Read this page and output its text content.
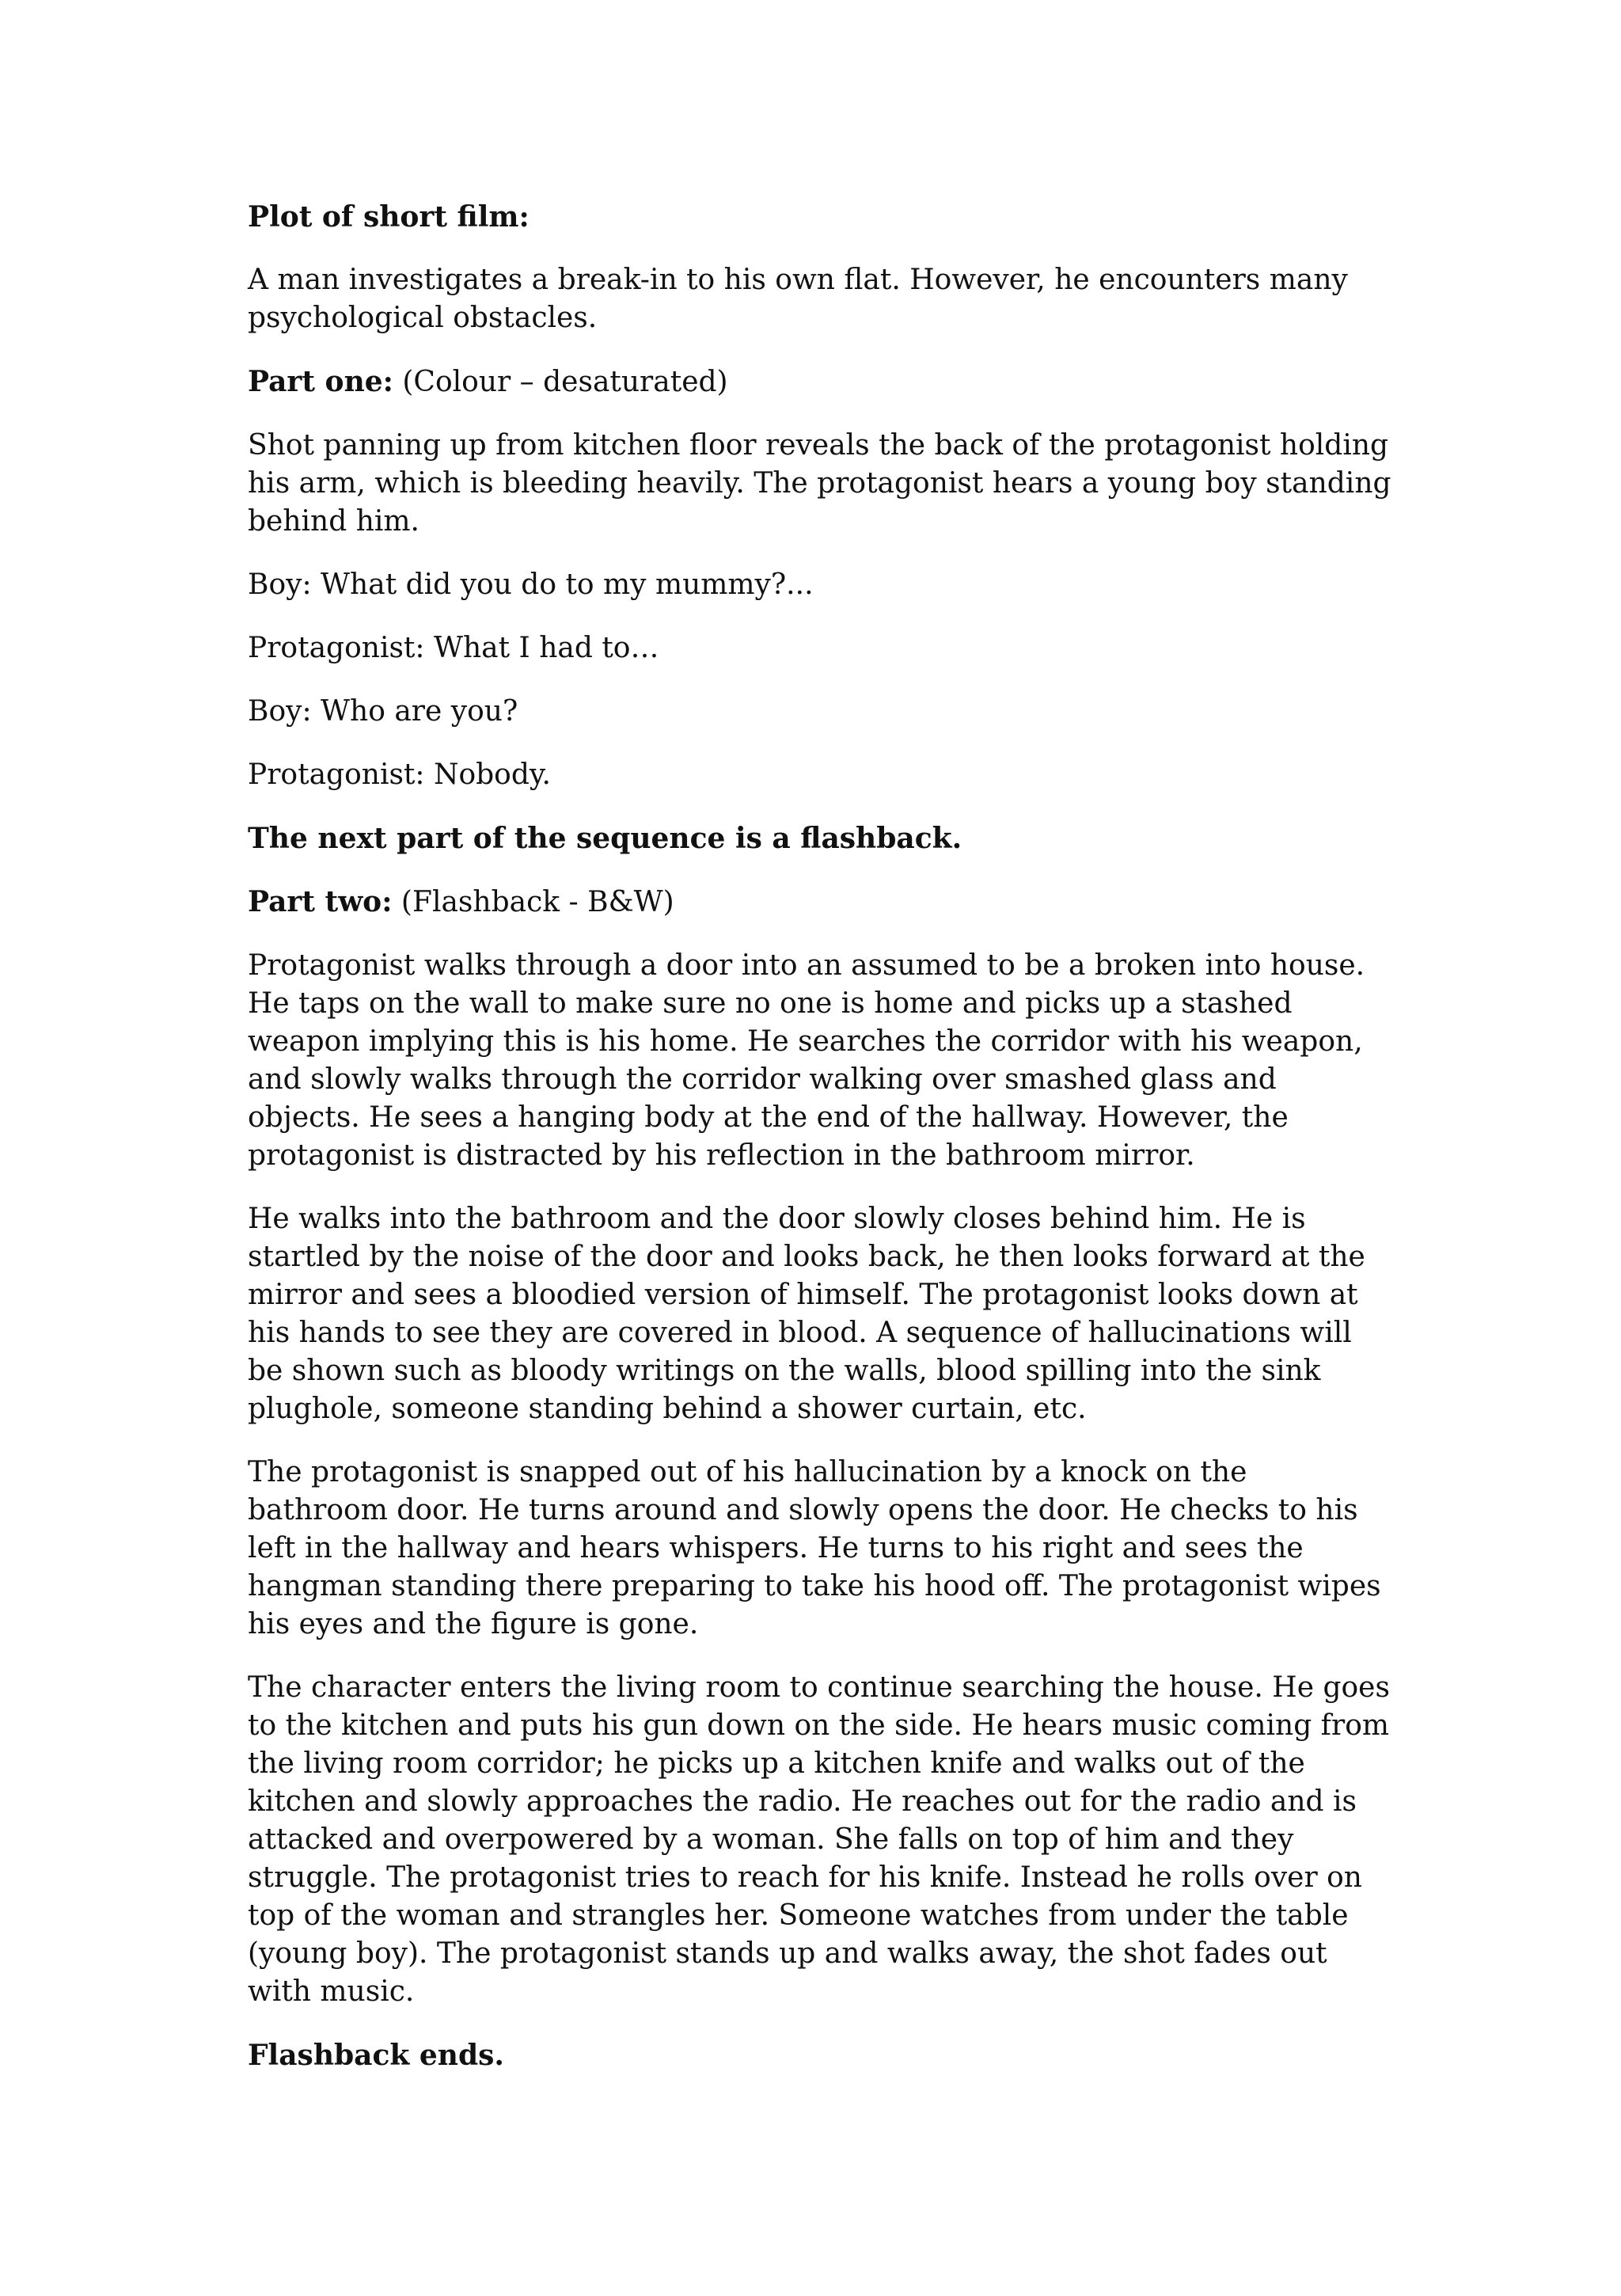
Plot of short film:

A man investigates a break-in to his own flat. However, he encounters many psychological obstacles.

Part one: (Colour – desaturated)

Shot panning up from kitchen floor reveals the back of the protagonist holding his arm, which is bleeding heavily. The protagonist hears a young boy standing behind him.

Boy: What did you do to my mummy?...

Protagonist: What I had to…

Boy: Who are you?

Protagonist: Nobody.

The next part of the sequence is a flashback.

Part two: (Flashback - B&W)

Protagonist walks through a door into an assumed to be a broken into house. He taps on the wall to make sure no one is home and picks up a stashed weapon implying this is his home. He searches the corridor with his weapon, and slowly walks through the corridor walking over smashed glass and objects. He sees a hanging body at the end of the hallway. However, the protagonist is distracted by his reflection in the bathroom mirror.

He walks into the bathroom and the door slowly closes behind him. He is startled by the noise of the door and looks back, he then looks forward at the mirror and sees a bloodied version of himself. The protagonist looks down at his hands to see they are covered in blood. A sequence of hallucinations will be shown such as bloody writings on the walls, blood spilling into the sink plughole, someone standing behind a shower curtain, etc.

The protagonist is snapped out of his hallucination by a knock on the bathroom door. He turns around and slowly opens the door. He checks to his left in the hallway and hears whispers. He turns to his right and sees the hangman standing there preparing to take his hood off. The protagonist wipes his eyes and the figure is gone.

The character enters the living room to continue searching the house. He goes to the kitchen and puts his gun down on the side. He hears music coming from the living room corridor; he picks up a kitchen knife and walks out of the kitchen and slowly approaches the radio. He reaches out for the radio and is attacked and overpowered by a woman. She falls on top of him and they struggle. The protagonist tries to reach for his knife. Instead he rolls over on top of the woman and strangles her. Someone watches from under the table (young boy). The protagonist stands up and walks away, the shot fades out with music.

Flashback ends.
